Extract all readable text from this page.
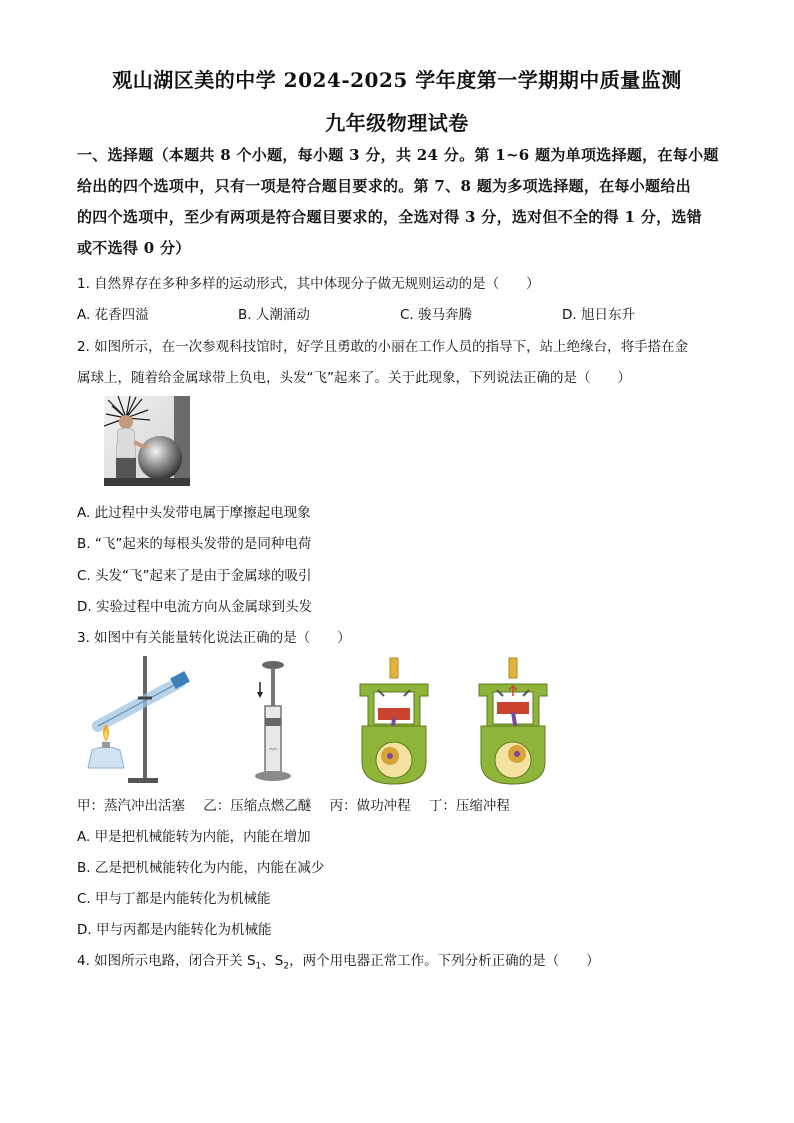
观山湖区美的中学 2024-2025 学年度第一学期期中质量监测
九年级物理试卷
一、选择题（本题共 8 个小题，每小题 3 分，共 24 分。第 1~6 题为单项选择题，在每小题
给出的四个选项中，只有一项是符合题目要求的。第 7、8 题为多项选择题，在每小题给出
的四个选项中，至少有两项是符合题目要求的，全选对得 3 分，选对但不全的得 1 分，选错
或不选得 0 分）
1. 自然界存在多种多样的运动形式，其中体现分子做无规则运动的是（　　）
A. 花香四溢	B. 人潮涌动	C. 骏马奔腾	D. 旭日东升
2. 如图所示，在一次参观科技馆时，好学且勇敢的小丽在工作人员的指导下，站上绝缘台，将手搭在金
属球上，随着给金属球带上负电，头发“飞”起来了。关于此现象，下列说法正确的是（　　）
A. 此过程中头发带电属于摩擦起电现象
B. “飞”起来的每根头发带的是同种电荷
C. 头发“飞”起来了是由于金属球的吸引
D. 实验过程中电流方向从金属球到头发
3. 如图中有关能量转化说法正确的是（　　）
甲：蒸汽冲出活塞 乙：压缩点燃乙醚 丙：做功冲程 丁：压缩冲程
A. 甲是把机械能转为内能，内能在增加
B. 乙是把机械能转化为内能，内能在减少
C. 甲与丁都是内能转化为机械能
D. 甲与丙都是内能转化为机械能
4. 如图所示电路，闭合开关 $S_1$、$S_2$，两个用电器正常工作。下列分析正确的是（　　）
